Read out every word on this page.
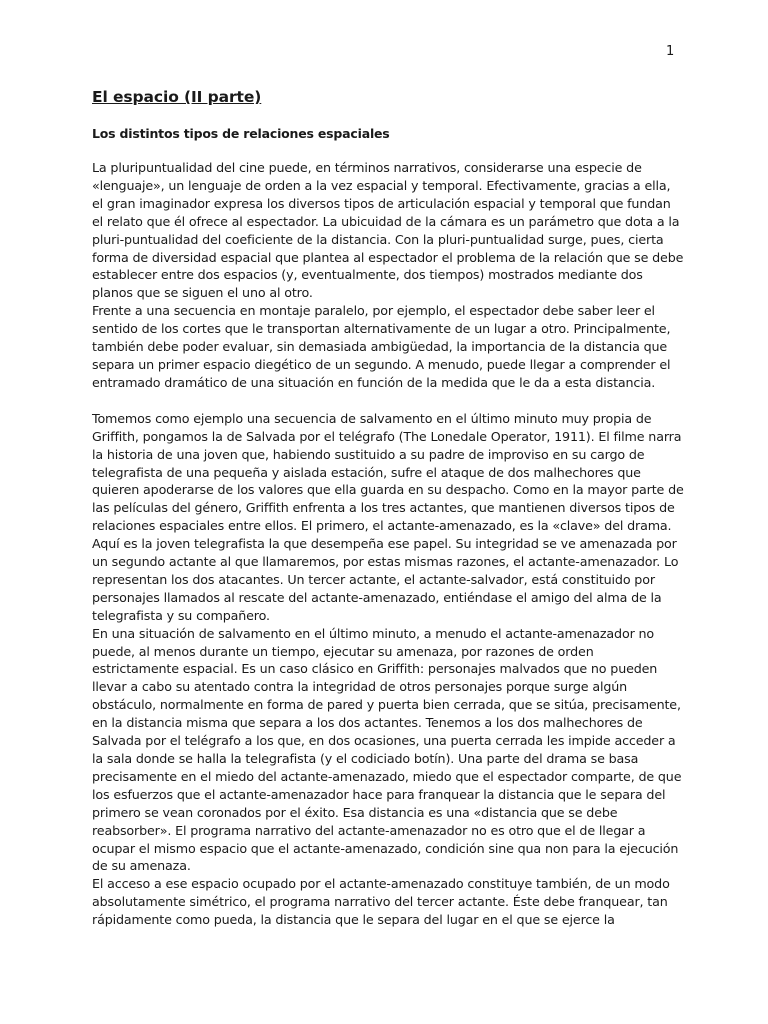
1
El espacio (II parte)
Los distintos tipos de relaciones espaciales

La pluripuntualidad del cine puede, en términos narrativos, considerarse una especie de «lenguaje», un lenguaje de orden a la vez espacial y temporal. Efectivamente, gracias a ella, el gran imaginador expresa los diversos tipos de articulación espacial y temporal que fundan el relato que él ofrece al espectador. La ubicuidad de la cámara es un parámetro que dota a la pluri-puntualidad del coeficiente de la distancia. Con la pluri-puntualidad surge, pues, cierta forma de diversidad espacial que plantea al espectador el problema de la relación que se debe establecer entre dos espacios (y, eventualmente, dos tiempos) mostrados mediante dos planos que se siguen el uno al otro.

Frente a una secuencia en montaje paralelo, por ejemplo, el espectador debe saber leer el sentido de los cortes que le transportan alternativamente de un lugar a otro. Principalmente, también debe poder evaluar, sin demasiada ambigüedad, la importancia de la distancia que separa un primer espacio diegético de un segundo. A menudo, puede llegar a comprender el entramado dramático de una situación en función de la medida que le da a esta distancia.

Tomemos como ejemplo una secuencia de salvamento en el último minuto muy propia de Griffith, pongamos la de Salvada por el telégrafo (The Lonedale Operator, 1911). El filme narra la historia de una joven que, habiendo sustituido a su padre de improviso en su cargo de telegrafista de una pequeña y aislada estación, sufre el ataque de dos malhechores que quieren apoderarse de los valores que ella guarda en su despacho. Como en la mayor parte de las películas del género, Griffith enfrenta a los tres actantes, que mantienen diversos tipos de relaciones espaciales entre ellos. El primero, el actante-amenazado, es la «clave» del drama. Aquí es la joven telegrafista la que desempeña ese papel. Su integridad se ve amenazada por un segundo actante al que llamaremos, por estas mismas razones, el actante-amenazador. Lo representan los dos atacantes. Un tercer actante, el actante-salvador, está constituido por personajes llamados al rescate del actante-amenazado, entiéndase el amigo del alma de la telegrafista y su compañero.

En una situación de salvamento en el último minuto, a menudo el actante-amenazador no puede, al menos durante un tiempo, ejecutar su amenaza, por razones de orden estrictamente espacial. Es un caso clásico en Griffith: personajes malvados que no pueden llevar a cabo su atentado contra la integridad de otros personajes porque surge algún obstáculo, normalmente en forma de pared y puerta bien cerrada, que se sitúa, precisamente, en la distancia misma que separa a los dos actantes. Tenemos a los dos malhechores de Salvada por el telégrafo a los que, en dos ocasiones, una puerta cerrada les impide acceder a la sala donde se halla la telegrafista (y el codiciado botín). Una parte del drama se basa precisamente en el miedo del actante-amenazado, miedo que el espectador comparte, de que los esfuerzos que el actante-amenazador hace para franquear la distancia que le separa del primero se vean coronados por el éxito. Esa distancia es una «distancia que se debe reabsorber». El programa narrativo del actante-amenazador no es otro que el de llegar a ocupar el mismo espacio que el actante-amenazado, condición sine qua non para la ejecución de su amenaza.

El acceso a ese espacio ocupado por el actante-amenazado constituye también, de un modo absolutamente simétrico, el programa narrativo del tercer actante. Éste debe franquear, tan rápidamente como pueda, la distancia que le separa del lugar en el que se ejerce la
